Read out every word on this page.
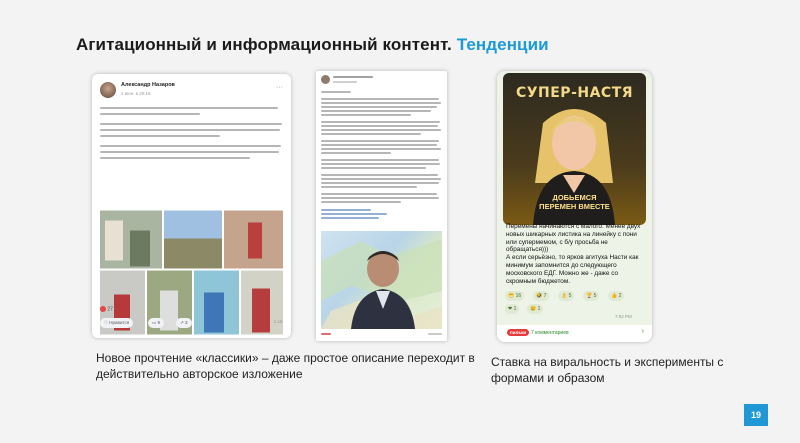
Агитационный и информационный контент. Тенденции
Александр Назаров
1 июн. в 20:16
···
27
♡ Нравится	▭ 9	↗ 3	1.1K
СУПЕР-НАСТЯ
ДОБЬЕМСЯ
ПЕРЕМЕН ВМЕСТЕ
Перемены начинаются с малого. Менее двух новых шикарных листика на линейку с пони или супермемом, с б/у просьба не обращаться)))
А если серьёзно, то ярков агитуха Насти как минимум запомнится до следующего московского ЕДГ. Можно же - даже со скромным бюджетом.
😁 16	🤣 7	👌 5	🏆 5	👍 2
❤ 1	😢 1
7:52 PM
пильки 7 комментариев	›
Новое прочтение «классики» – даже простое описание переходит в действительно авторское изложение
Ставка на виральность и эксперименты с формами и образом
19
